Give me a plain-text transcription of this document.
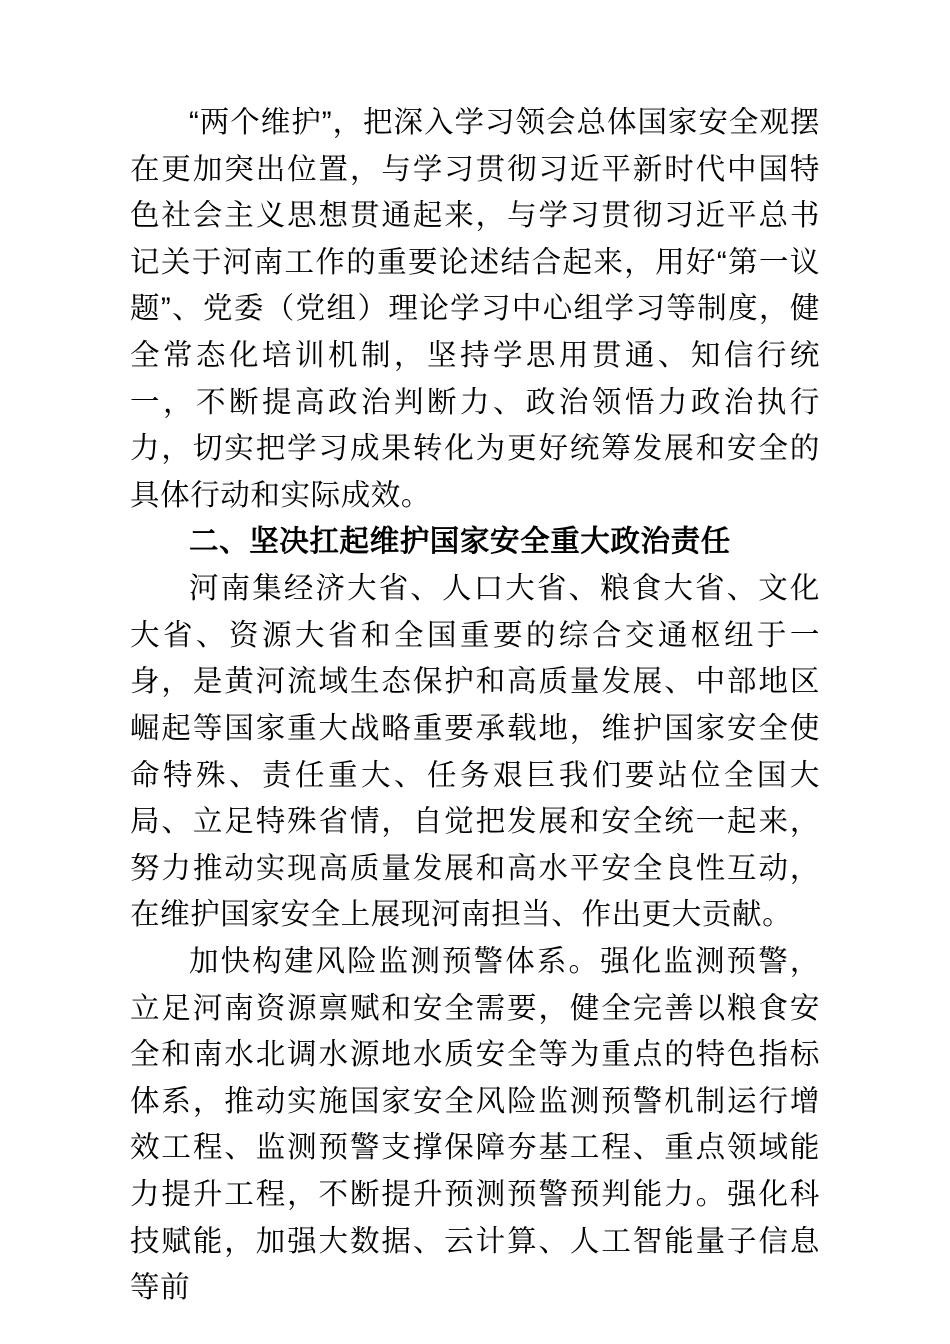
“两个维护”，把深入学习领会总体国家安全观摆在更加突出位置，与学习贯彻习近平新时代中国特色社会主义思想贯通起来，与学习贯彻习近平总书记关于河南工作的重要论述结合起来，用好“第一议题”、党委（党组）理论学习中心组学习等制度，健全常态化培训机制，坚持学思用贯通、知信行统一，不断提高政治判断力、政治领悟力政治执行力，切实把学习成果转化为更好统筹发展和安全的具体行动和实际成效。

二、坚决扛起维护国家安全重大政治责任

河南集经济大省、人口大省、粮食大省、文化大省、资源大省和全国重要的综合交通枢纽于一身，是黄河流域生态保护和高质量发展、中部地区崛起等国家重大战略重要承载地，维护国家安全使命特殊、责任重大、任务艰巨我们要站位全国大局、立足特殊省情，自觉把发展和安全统一起来，努力推动实现高质量发展和高水平安全良性互动，在维护国家安全上展现河南担当、作出更大贡献。

加快构建风险监测预警体系。强化监测预警，立足河南资源禀赋和安全需要，健全完善以粮食安全和南水北调水源地水质安全等为重点的特色指标体系，推动实施国家安全风险监测预警机制运行增效工程、监测预警支撑保障夯基工程、重点领域能力提升工程，不断提升预测预警预判能力。强化科技赋能，加强大数据、云计算、人工智能量子信息等前
